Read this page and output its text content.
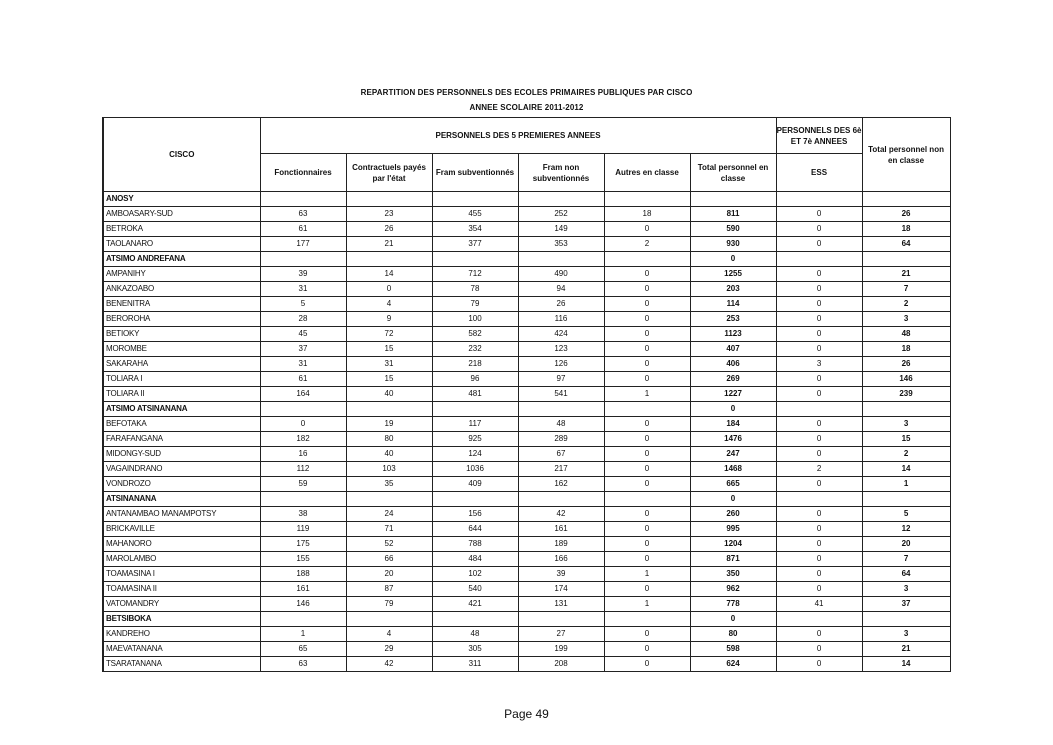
REPARTITION DES PERSONNELS DES ECOLES PRIMAIRES PUBLIQUES PAR CISCO
ANNEE SCOLAIRE 2011-2012
CISCO	PERSONNELS DES 5 PREMIERES ANNEES						PERSONNELS DES 6è ET 7è ANNEES	Total personnel non en classe
	Fonctionnaires	Contractuels payés par l'état	Fram subventionnés	Fram non subventionnés	Autres en classe	Total personnel en classe	ESS	
ANOSY								
AMBOASARY-SUD	63	23	455	252	18	811	0	26
BETROKA	61	26	354	149	0	590	0	18
TAOLANARO	177	21	377	353	2	930	0	64
ATSIMO ANDREFANA						0		
AMPANIHY	39	14	712	490	0	1255	0	21
ANKAZOABO	31	0	78	94	0	203	0	7
BENENITRA	5	4	79	26	0	114	0	2
BEROROHA	28	9	100	116	0	253	0	3
BETIOKY	45	72	582	424	0	1123	0	48
MOROMBE	37	15	232	123	0	407	0	18
SAKARAHA	31	31	218	126	0	406	3	26
TOLIARA I	61	15	96	97	0	269	0	146
TOLIARA II	164	40	481	541	1	1227	0	239
ATSIMO ATSINANANA						0		
BEFOTAKA	0	19	117	48	0	184	0	3
FARAFANGANA	182	80	925	289	0	1476	0	15
MIDONGY-SUD	16	40	124	67	0	247	0	2
VAGAINDRANO	112	103	1036	217	0	1468	2	14
VONDROZO	59	35	409	162	0	665	0	1
ATSINANANA						0		
ANTANAMBAO MANAMPOTSY	38	24	156	42	0	260	0	5
BRICKAVILLE	119	71	644	161	0	995	0	12
MAHANORO	175	52	788	189	0	1204	0	20
MAROLAMBO	155	66	484	166	0	871	0	7
TOAMASINA I	188	20	102	39	1	350	0	64
TOAMASINA II	161	87	540	174	0	962	0	3
VATOMANDRY	146	79	421	131	1	778	41	37
BETSIBOKA						0		
KANDREHO	1	4	48	27	0	80	0	3
MAEVATANANA	65	29	305	199	0	598	0	21
TSARATANANA	63	42	311	208	0	624	0	14
Page 49
